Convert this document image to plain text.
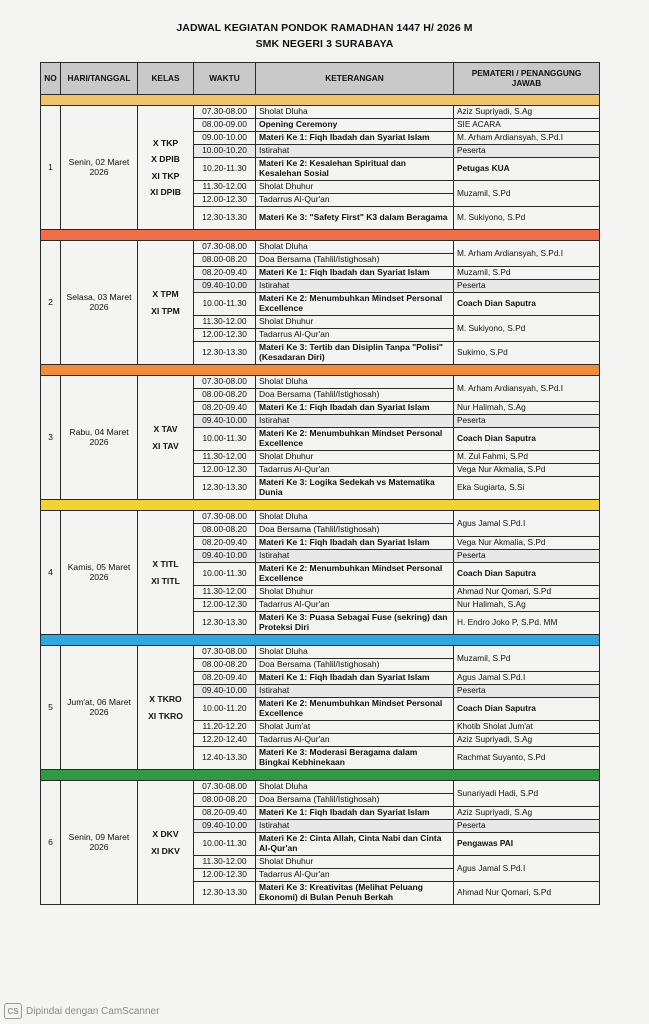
JADWAL KEGIATAN PONDOK RAMADHAN 1447 H/ 2026 M
SMK NEGERI 3 SURABAYA
NO	HARI/TANGGAL	KELAS	WAKTU	KETERANGAN	PEMATERI / PENANGGUNG JAWAB

1	Senin, 02 Maret 2026	X TKP
X DPIB
XI TKP
XI DPIB	07.30-08.00	Sholat Dluha	Aziz Supriyadi, S.Ag
			08.00-09.00	Opening Ceremony	SIE ACARA
			09.00-10.00	Materi Ke 1: Fiqh Ibadah dan Syariat Islam	M. Arham Ardiansyah, S.Pd.I
			10.00-10.20	Istirahat	Peserta
			10.20-11.30	Materi Ke 2: Kesalehan Spiritual dan Kesalehan Sosial	Petugas KUA
			11.30-12.00	Sholat Dhuhur	Muzamil, S.Pd
			12.00-12.30	Tadarrus Al-Qur'an	
			12.30-13.30	Materi Ke 3: "Safety First" K3 dalam Beragama	M. Sukiyono, S.Pd

2	Selasa, 03 Maret 2026	X TPM
XI TPM	07.30-08.00	Sholat Dluha	M. Arham Ardiansyah, S.Pd.I
			08.00-08.20	Doa Bersama (Tahlil/Istighosah)	
			08.20-09.40	Materi Ke 1: Fiqh Ibadah dan Syariat Islam	Muzamil, S.Pd
			09.40-10.00	Istirahat	Peserta
			10.00-11.30	Materi Ke 2: Menumbuhkan Mindset Personal Excellence	Coach Dian Saputra
			11.30-12.00	Sholat Dhuhur	M. Sukiyono, S.Pd
			12.00-12.30	Tadarrus Al-Qur'an	
			12.30-13.30	Materi Ke 3: Tertib dan Disiplin Tanpa "Polisi" (Kesadaran Diri)	Sukirno, S.Pd

3	Rabu, 04 Maret 2026	X TAV
XI TAV	07.30-08.00	Sholat Dluha	M. Arham Ardiansyah, S.Pd.I
			08.00-08.20	Doa Bersama (Tahlil/Istighosah)	
			08.20-09.40	Materi Ke 1: Fiqh Ibadah dan Syariat Islam	Nur Halimah, S.Ag
			09.40-10.00	Istirahat	Peserta
			10.00-11.30	Materi Ke 2: Menumbuhkan Mindset Personal Excellence	Coach Dian Saputra
			11.30-12.00	Sholat Dhuhur	M. Zul Fahmi, S.Pd
			12.00-12.30	Tadarrus Al-Qur'an	Vega Nur Akmalia, S.Pd
			12.30-13.30	Materi Ke 3: Logika Sedekah vs Matematika Dunia	Eka Sugiarta, S.Si

4	Kamis, 05 Maret 2026	X TITL
XI TITL	07.30-08.00	Sholat Dluha	Agus Jamal S.Pd.I
			08.00-08.20	Doa Bersama (Tahlil/Istighosah)	
			08.20-09.40	Materi Ke 1: Fiqh Ibadah dan Syariat Islam	Vega Nur Akmalia, S.Pd
			09.40-10.00	Istirahat	Peserta
			10.00-11.30	Materi Ke 2: Menumbuhkan Mindset Personal Excellence	Coach Dian Saputra
			11.30-12.00	Sholat Dhuhur	Ahmad Nur Qomari, S.Pd
			12.00-12.30	Tadarrus Al-Qur'an	Nur Halimah, S.Ag
			12.30-13.30	Materi Ke 3: Puasa Sebagai Fuse (sekring) dan Proteksi Diri	H. Endro Joko P, S.Pd. MM

5	Jum'at, 06 Maret 2026	X TKRO
XI TKRO	07.30-08.00	Sholat Dluha	Muzamil, S.Pd
			08.00-08.20	Doa Bersama (Tahlil/Istighosah)	
			08.20-09.40	Materi Ke 1: Fiqh Ibadah dan Syariat Islam	Agus Jamal S.Pd.I
			09.40-10.00	Istirahat	Peserta
			10.00-11.20	Materi Ke 2: Menumbuhkan Mindset Personal Excellence	Coach Dian Saputra
			11.20-12.20	Sholat Jum'at	Khotib Sholat Jum'at
			12.20-12.40	Tadarrus Al-Qur'an	Aziz Supriyadi, S.Ag
			12.40-13.30	Materi Ke 3: Moderasi Beragama dalam Bingkai Kebhinekaan	Rachmat Suyanto, S.Pd

6	Senin, 09 Maret 2026	X DKV
XI DKV	07.30-08.00	Sholat Dluha	Sunariyadi Hadi, S.Pd
			08.00-08.20	Doa Bersama (Tahlil/Istighosah)	
			08.20-09.40	Materi Ke 1: Fiqh Ibadah dan Syariat Islam	Aziz Supriyadi, S.Ag
			09.40-10.00	Istirahat	Peserta
			10.00-11.30	Materi Ke 2: Cinta Allah, Cinta Nabi dan Cinta Al-Qur'an	Pengawas PAI
			11.30-12.00	Sholat Dhuhur	Agus Jamal S.Pd.I
			12.00-12.30	Tadarrus Al-Qur'an	
			12.30-13.30	Materi Ke 3: Kreativitas (Melihat Peluang Ekonomi) di Bulan Penuh Berkah	Ahmad Nur Qomari, S.Pd
CS Dipindai dengan CamScanner
